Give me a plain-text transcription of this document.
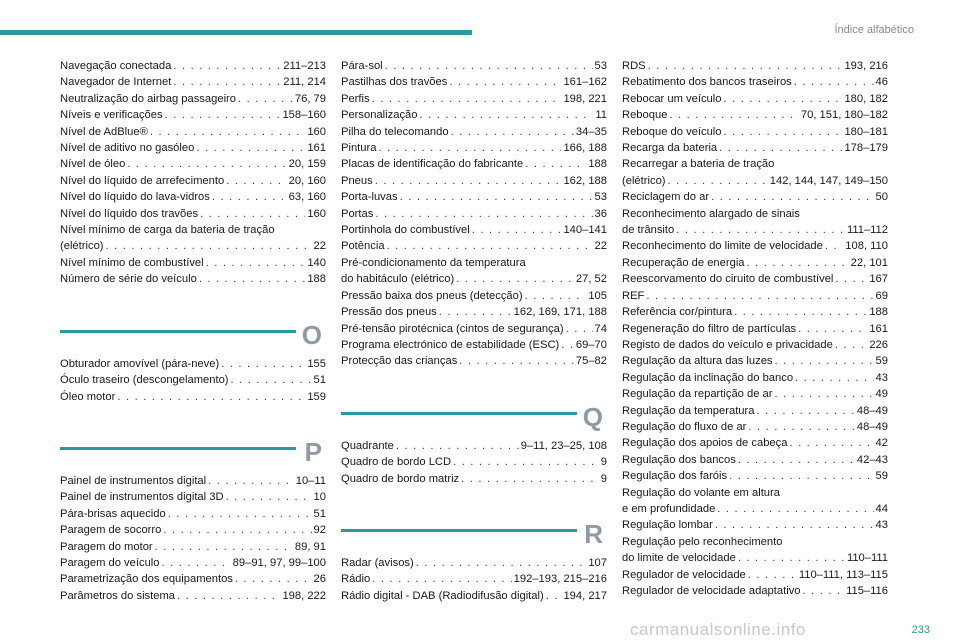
Índice alfabético
Navegação conectada . . .	211–213
Navegador de Internet . . .	211, 214
Neutralização do airbag passageiro . . .	76, 79
Níveis e verificações . . .	158–160
Nível de AdBlue® . . .	160
Nível de aditivo no gasóleo . . .	161
Nível de óleo . . .	20, 159
Nível do líquido de arrefecimento . . .	20, 160
Nível do líquido do lava-vidros . . .	63, 160
Nível do líquido dos travões . . .	160
Nível mínimo de carga da bateria de tração
(elétrico) . . .	22
Nível mínimo de combustível . . .	140
Número de série do veículo . . .	188
O
Obturador amovível (pára-neve) . . .	155
Óculo traseiro (descongelamento) . . .	51
Óleo motor . . .	159
P
Painel de instrumentos digital . . .	10–11
Painel de instrumentos digital 3D . . .	10
Pára-brisas aquecido . . .	51
Paragem de socorro . . .	92
Paragem do motor . . .	89, 91
Paragem do veículo . . .	89–91, 97, 99–100
Parametrização dos equipamentos . . .	26
Parâmetros do sistema . . .	198, 222
Pára-sol . . .	53
Pastilhas dos travões . . .	161–162
Perfis . . .	198, 221
Personalização . . .	11
Pilha do telecomando . . .	34–35
Pintura . . .	166, 188
Placas de identificação do fabricante . . .	188
Pneus . . .	162, 188
Porta-luvas . . .	53
Portas . . .	36
Portinhola do combustível . . .	140–141
Potência . . .	22
Pré-condicionamento da temperatura
do habitáculo (elétrico) . . .	27, 52
Pressão baixa dos pneus (detecção) . . .	105
Pressão dos pneus . . .	162, 169, 171, 188
Pré-tensão pirotécnica (cintos de segurança) . . .	74
Programa electrónico de estabilidade (ESC) . . . 69–70
Protecção das crianças . . .	75–82
Q
Quadrante . . .	9–11, 23–25, 108
Quadro de bordo LCD . . .	9
Quadro de bordo matriz . . .	9
R
Radar (avisos) . . .	107
Rádio . . .	192–193, 215–216
Rádio digital - DAB (Radiodifusão digital) . . . 194, 217
RDS . . .	193, 216
Rebatimento dos bancos traseiros . . .	46
Rebocar um veículo . . .	180, 182
Reboque . . .	70, 151, 180–182
Reboque do veículo . . .	180–181
Recarga da bateria . . .	178–179
Recarregar a bateria de tração
(elétrico) . . .	142, 144, 147, 149–150
Reciclagem do ar . . .	50
Reconhecimento alargado de sinais
de trânsito . . .	111–112
Reconhecimento do limite de velocidade . . . 108, 110
Recuperação de energia . . .	22, 101
Reescorvamento do ciruito de combustível . . .	167
REF . . .	69
Referência cor/pintura . . .	188
Regeneração do filtro de partículas . . .	161
Registo de dados do veículo e privacidade . . .	226
Regulação da altura das luzes . . .	59
Regulação da inclinação do banco . . .	43
Regulação da repartição de ar . . .	49
Regulação da temperatura . . .	48–49
Regulação do fluxo de ar . . .	48–49
Regulação dos apoios de cabeça . . .	42
Regulação dos bancos . . .	42–43
Regulação dos faróis . . .	59
Regulação do volante em altura
e em profundidade . . .	44
Regulação lombar . . .	43
Regulação pelo reconhecimento
do limite de velocidade . . .	110–111
Regulador de velocidade . . .	110–111, 113–115
Regulador de velocidade adaptativo . . .	115–116
carmanualsonline.info	233
